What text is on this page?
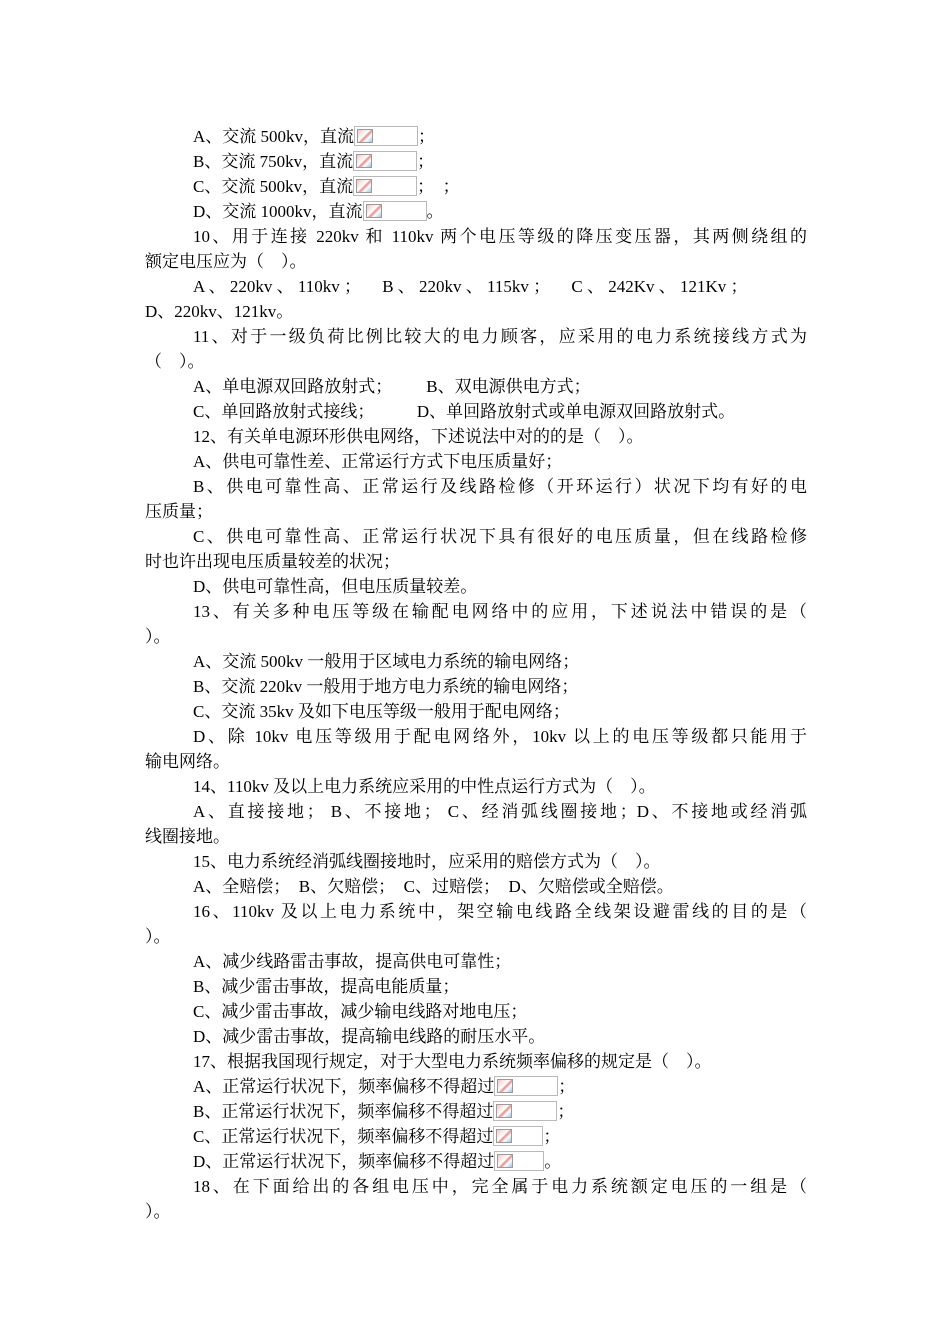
A、交流 500kv，直流	；
B、交流 750kv，直流	；
C、交流 500kv，直流	；  ；
D、交流 1000kv，直流	。
10、用于连接 220kv 和 110kv 两个电压等级的降压变压器，其两侧绕组的
额定电压应为（    ）。
A 、 220kv 、 110kv ；     B 、 220kv 、 115kv ；     C 、 242Kv 、 121Kv ；
D、220kv、121kv。
11、对于一级负荷比例比较大的电力顾客，应采用的电力系统接线方式为
（    ）。
A、单电源双回路放射式；        B、双电源供电方式；
C、单回路放射式接线；          D、单回路放射式或单电源双回路放射式。
12、有关单电源环形供电网络，下述说法中对的的是（    ）。
A、供电可靠性差、正常运行方式下电压质量好；
B、供电可靠性高、正常运行及线路检修（开环运行）状况下均有好的电
压质量；
C、供电可靠性高、正常运行状况下具有很好的电压质量，但在线路检修
时也许出现电压质量较差的状况；
D、供电可靠性高，但电压质量较差。
13、有关多种电压等级在输配电网络中的应用，下述说法中错误的是（
）。
A、交流 500kv 一般用于区域电力系统的输电网络；
B、交流 220kv 一般用于地方电力系统的输电网络；
C、交流 35kv 及如下电压等级一般用于配电网络；
D、除 10kv 电压等级用于配电网络外，10kv 以上的电压等级都只能用于
输电网络。
14、110kv 及以上电力系统应采用的中性点运行方式为（    ）。
A、直接接地； B、不接地； C、经消弧线圈接地；D、不接地或经消弧
线圈接地。
15、电力系统经消弧线圈接地时，应采用的赔偿方式为（    ）。
A、全赔偿；  B、欠赔偿；  C、过赔偿；  D、欠赔偿或全赔偿。
16、110kv 及以上电力系统中，架空输电线路全线架设避雷线的目的是（
）。
A、减少线路雷击事故，提高供电可靠性；
B、减少雷击事故，提高电能质量；
C、减少雷击事故，减少输电线路对地电压；
D、减少雷击事故，提高输电线路的耐压水平。
17、根据我国现行规定，对于大型电力系统频率偏移的规定是（    ）。
A、正常运行状况下，频率偏移不得超过	；
B、正常运行状况下，频率偏移不得超过	；
C、正常运行状况下，频率偏移不得超过	；
D、正常运行状况下，频率偏移不得超过	。
18、在下面给出的各组电压中，完全属于电力系统额定电压的一组是（
）。
